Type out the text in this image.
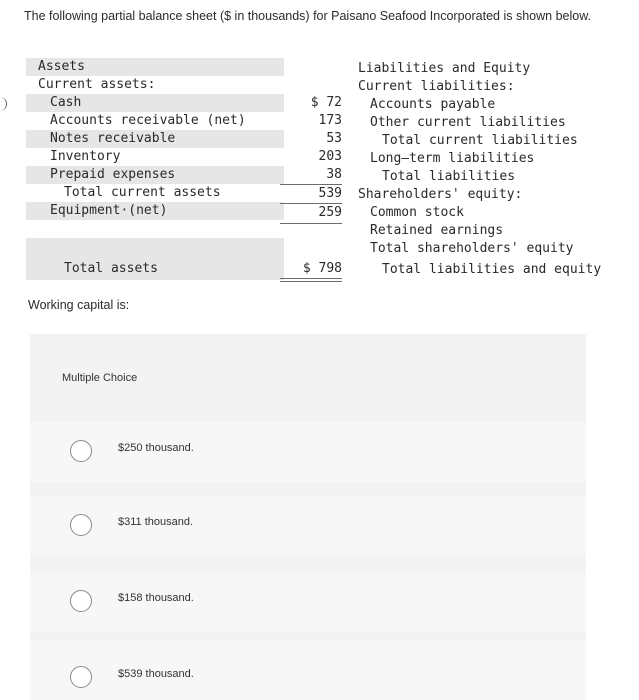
The following partial balance sheet ($ in thousands) for Paisano Seafood Incorporated is shown below.
Assets
Current assets:
Cash
Accounts receivable (net)
Notes receivable
Inventory
Prepaid expenses
Total current assets
Equipment·(net)
Total assets
$ 72
173
53
203
38
539
259
$ 798
Liabilities and Equity
Current liabilities:
Accounts payable
Other current liabilities
Total current liabilities
Long–term liabilities
Total liabilities
Shareholders' equity:
Common stock
Retained earnings
Total shareholders' equity
Total liabilities and equity
Working capital is:
Multiple Choice
$250 thousand.
$311 thousand.
$158 thousand.
$539 thousand.
